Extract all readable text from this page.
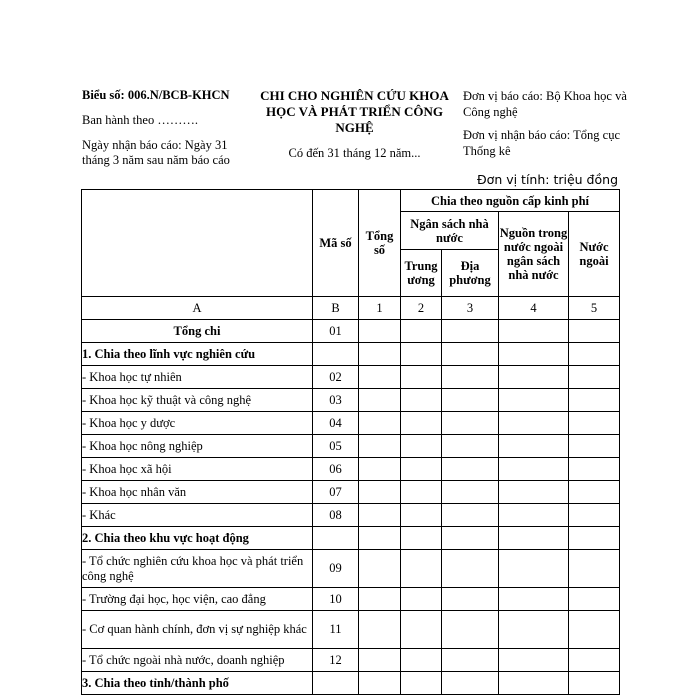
Biểu số: 006.N/BCB-KHCN
Ban hành theo ……….
Ngày nhận báo cáo: Ngày 31 tháng 3 năm sau năm báo cáo
CHI CHO NGHIÊN CỨU KHOA HỌC VÀ PHÁT TRIỂN CÔNG NGHỆ
Có đến 31 tháng 12 năm...
Đơn vị báo cáo: Bộ Khoa học và Công nghệ
Đơn vị nhận báo cáo: Tổng cục Thống kê
Đơn vị tính: triệu đồng
	Mã số	Tổng số	Chia theo nguồn cấp kinh phí			
			Ngân sách nhà nước		Nguồn trong nước ngoài ngân sách nhà nước	Nước ngoài
			Trung ương	Địa phương		
A	B	1	2	3	4	5
Tổng chi	01					
1. Chia theo lĩnh vực nghiên cứu						
- Khoa học tự nhiên	02					
- Khoa học kỹ thuật và công nghệ	03					
- Khoa học y dược	04					
- Khoa học nông nghiệp	05					
- Khoa học xã hội	06					
- Khoa học nhân văn	07					
- Khác	08					
2. Chia theo khu vực hoạt động						
- Tổ chức nghiên cứu khoa học và phát triển công nghệ	09					
- Trường đại học, học viện, cao đẳng	10					
- Cơ quan hành chính, đơn vị sự nghiệp khác	11					
- Tổ chức ngoài nhà nước, doanh nghiệp	12					
3. Chia theo tỉnh/thành phố						
